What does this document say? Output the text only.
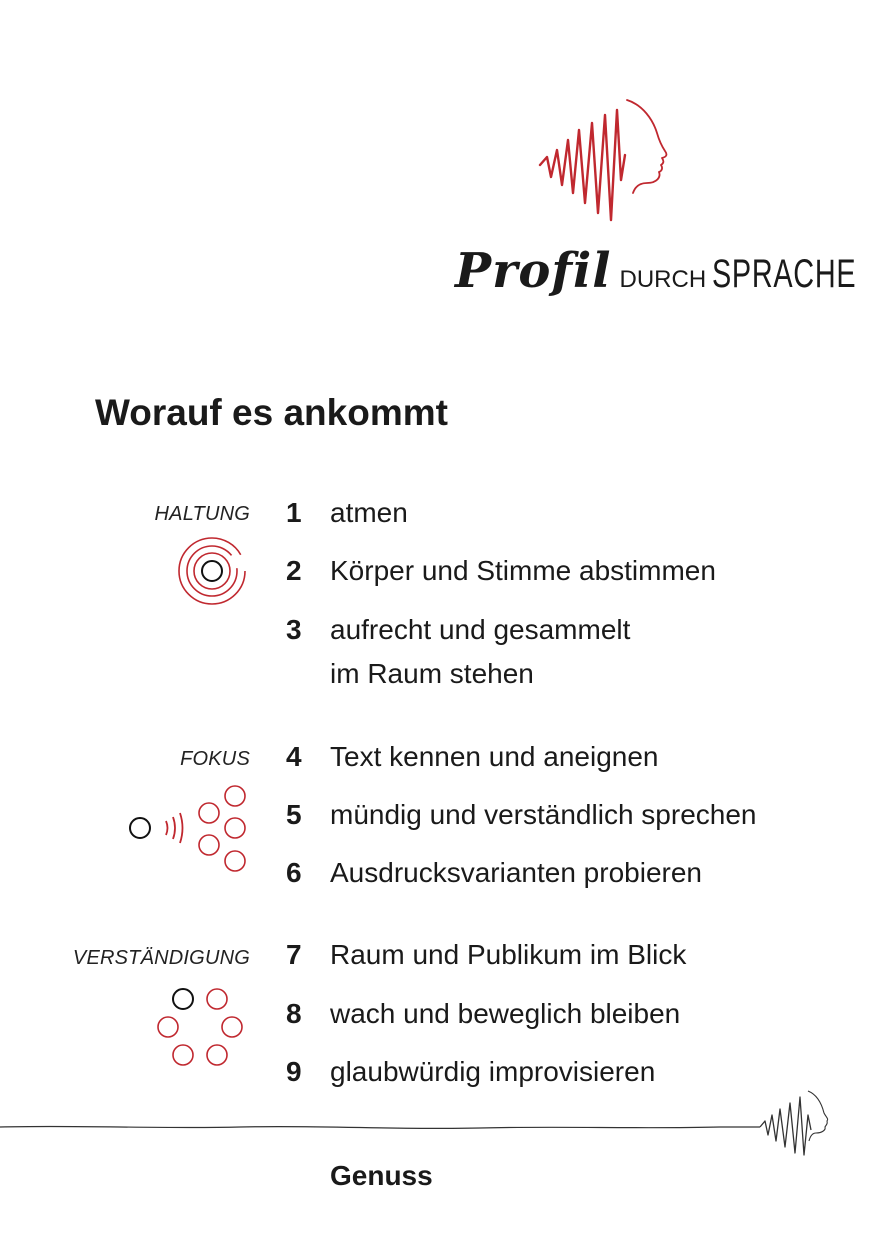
Profil DURCH SPRACHE
Worauf es ankommt
HALTUNG 1 atmen
2 Körper und Stimme abstimmen
3 aufrecht und gesammelt
im Raum stehen
FOKUS 4 Text kennen und aneignen
5 mündig und verständlich sprechen
6 Ausdrucksvarianten probieren
VERSTÄNDIGUNG 7 Raum und Publikum im Blick
8 wach und beweglich bleiben
9 glaubwürdig improvisieren
Genuss
